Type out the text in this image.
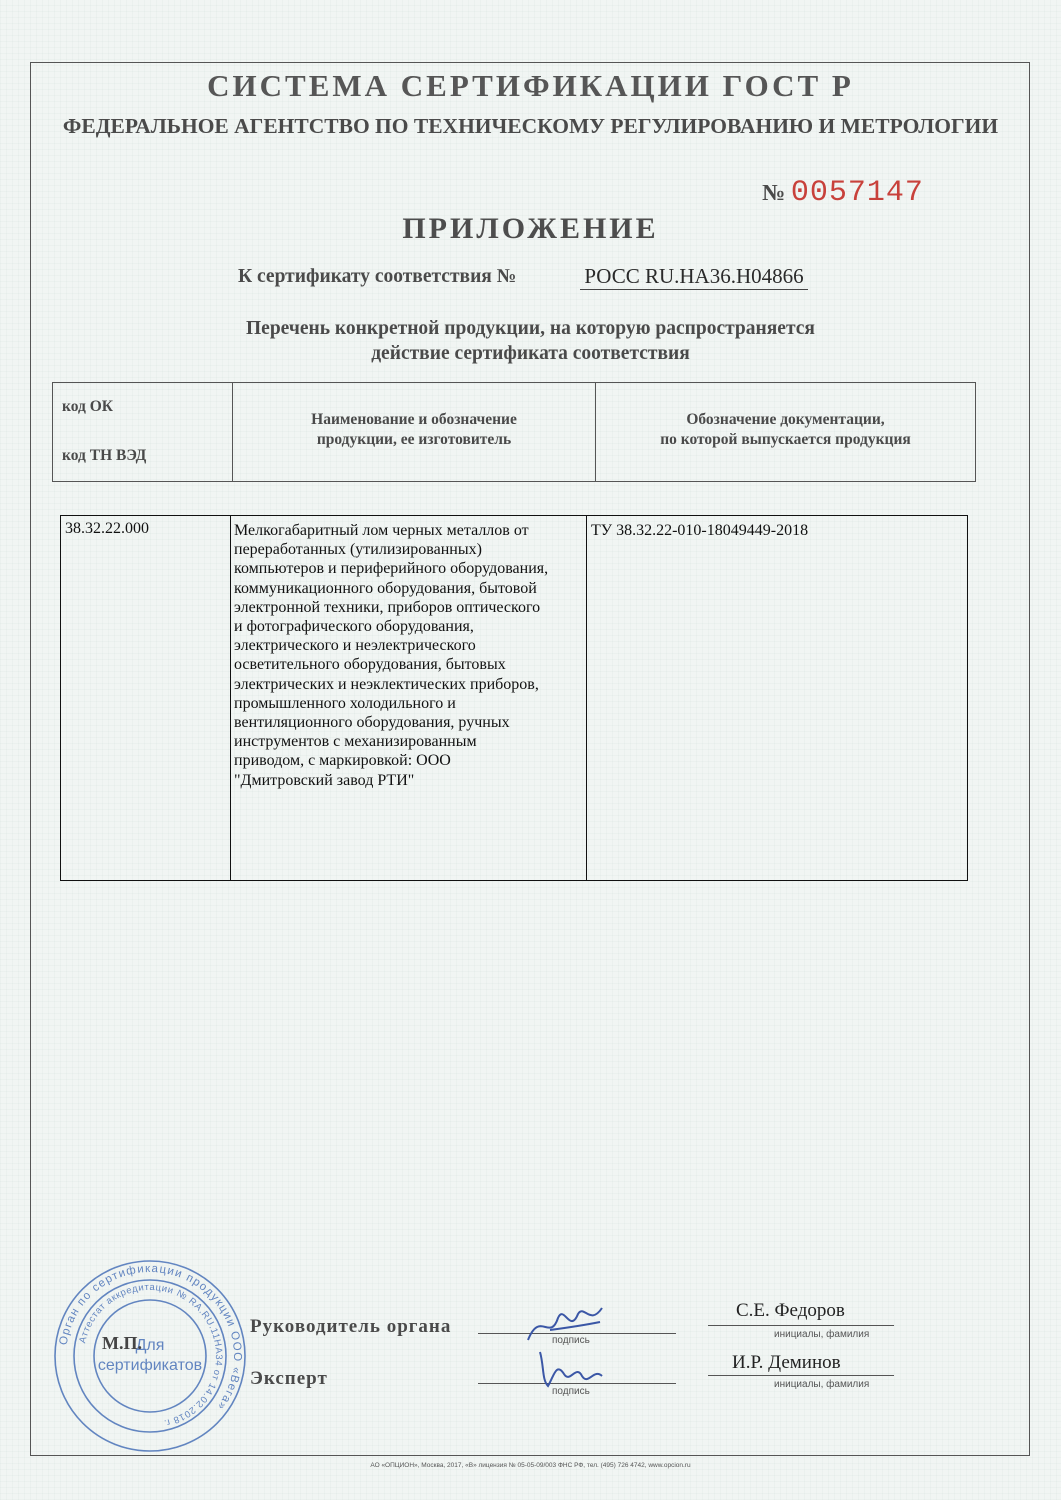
СИСТЕМА СЕРТИФИКАЦИИ ГОСТ Р
ФЕДЕРАЛЬНОЕ АГЕНТСТВО ПО ТЕХНИЧЕСКОМУ РЕГУЛИРОВАНИЮ И МЕТРОЛОГИИ
№ 0057147
ПРИЛОЖЕНИЕ
К сертификату соответствия №	РОСС RU.HA36.H04866
Перечень конкретной продукции, на которую распространяется
действие сертификата соответствия
код ОК
код ТН ВЭД
Наименование и обозначение
продукции, ее изготовитель
Обозначение документации,
по которой выпускается продукция
38.32.22.000	Мелкогабаритный лом черных металлов от
переработанных (утилизированных)
компьютеров и периферийного оборудования,
коммуникационного оборудования, бытовой
электронной техники, приборов оптического
и фотографического оборудования,
электрического и неэлектрического
осветительного оборудования, бытовых
электрических и неэклектических приборов,
промышленного холодильного и
вентиляционного оборудования, ручных
инструментов с механизированным
приводом, с маркировкой: ООО
"Дмитровский завод РТИ"
ТУ 38.32.22-010-18049449-2018
Орган по сертификации продукции ООО «Вега»
Аттестат аккредитации № RA.RU.11HA34 от 14.02.2018 г.
Для
сертификатов
М.П.
Руководитель органа
подпись
С.Е. Федоров
инициалы, фамилия
Эксперт
подпись
И.Р. Деминов
инициалы, фамилия
АО «ОПЦИОН», Москва, 2017, «В» лицензия № 05-05-09/003 ФНС РФ, тел. (495) 726 4742, www.opcion.ru
